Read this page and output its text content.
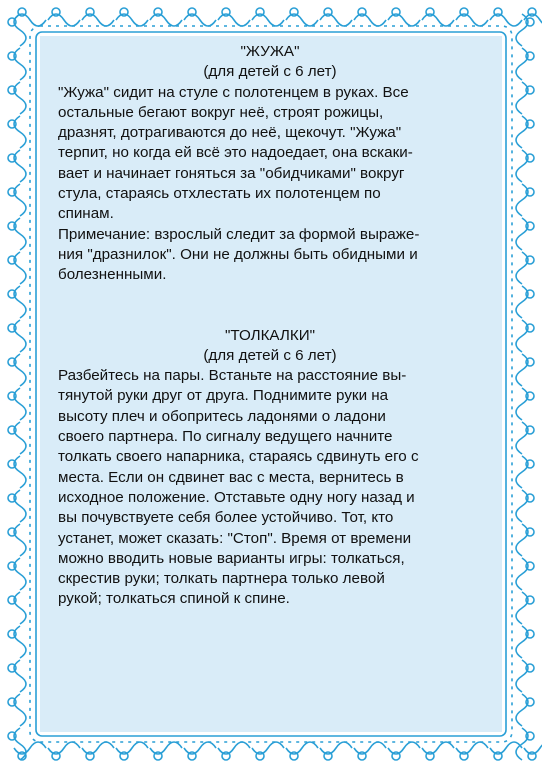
"ЖУЖА"

(для детей с 6 лет)

"Жужа" сидит на стуле с полотенцем в руках. Все
остальные бегают вокруг неё, строят рожицы,
дразнят, дотрагиваются до неё, щекочут. "Жужа"
терпит, но когда ей всё это надоедает, она вскаки-
вает и начинает гоняться за "обидчиками" вокруг
стула, стараясь отхлестать их полотенцем по
спинам.

Примечание: взрослый следит за формой выраже-
ния "дразнилок". Они не должны быть обидными и
болезненными.

"ТОЛКАЛКИ"

(для детей с 6 лет)

Разбейтесь на пары. Встаньте на расстояние вы-
тянутой руки друг от друга. Поднимите руки на
высоту плеч и обопритесь ладонями о ладони
своего партнера. По сигналу ведущего начните
толкать своего напарника, стараясь сдвинуть его с
места. Если он сдвинет вас с места, вернитесь в
исходное положение. Отставьте одну ногу назад и
вы почувствуете себя более устойчиво. Тот, кто
устанет, может сказать: "Стоп". Время от времени
можно вводить новые варианты игры: толкаться,
скрестив руки; толкать партнера только левой
рукой; толкаться спиной к спине.
